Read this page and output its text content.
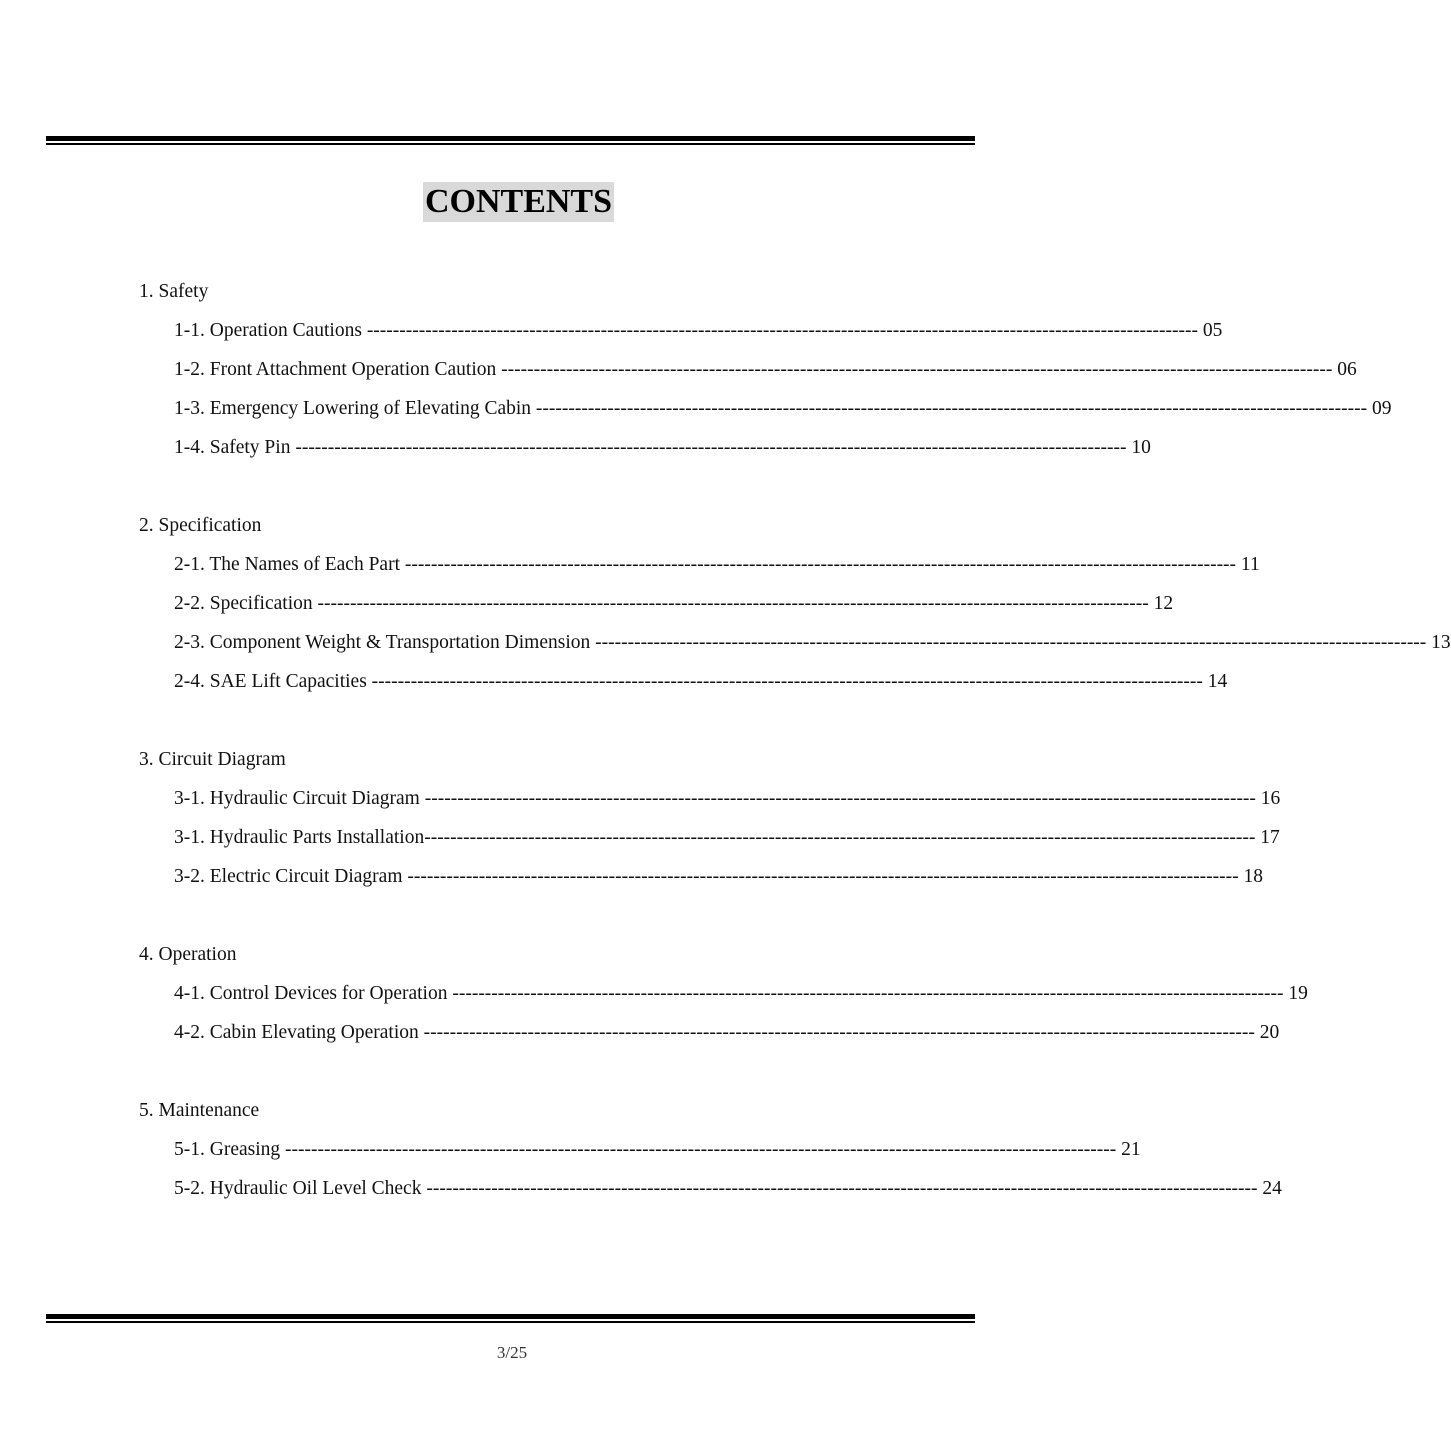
CONTENTS
1. Safety
1-1. Operation Cautions -----	05
1-2. Front Attachment Operation Caution -----	06
1-3. Emergency Lowering of Elevating Cabin -----	09
1-4. Safety Pin -----	10
2. Specification
2-1. The Names of Each Part -----	11
2-2. Specification -----	12
2-3. Component Weight & Transportation Dimension -----	13
2-4. SAE Lift Capacities -----	14
3. Circuit Diagram
3-1. Hydraulic Circuit Diagram -----	16
3-1. Hydraulic Parts Installation -----	17
3-2. Electric Circuit Diagram -----	18
4. Operation
4-1. Control Devices for Operation -----	19
4-2. Cabin Elevating Operation -----	20
5. Maintenance
5-1. Greasing -----	21
5-2. Hydraulic Oil Level Check -----	24
3/25
